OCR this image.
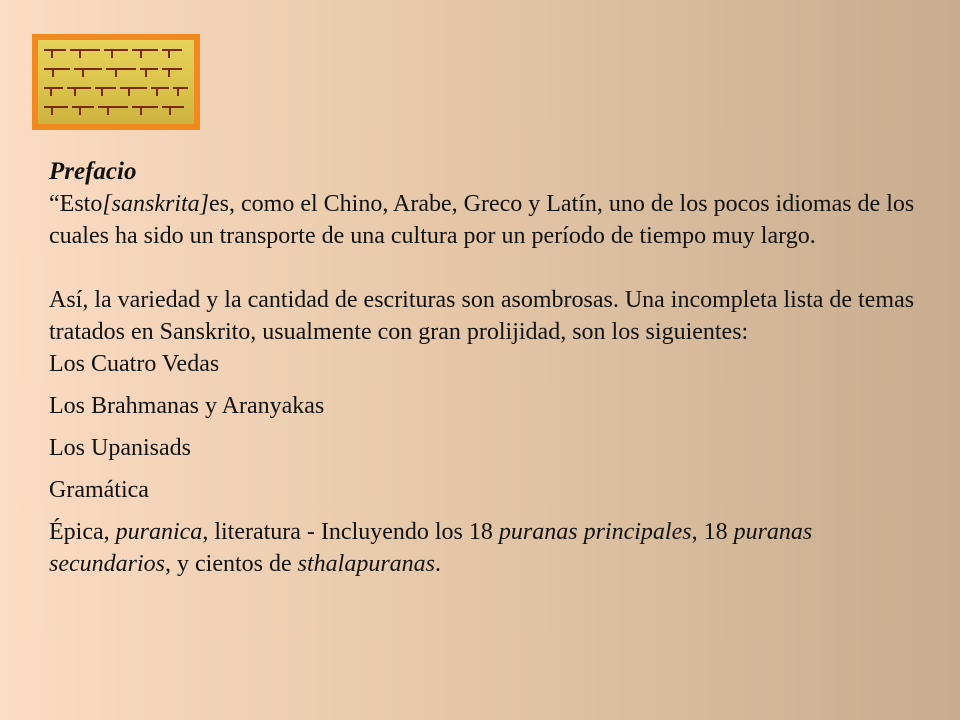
Prefacio

“Esto[sanskrita]es, como el Chino, Arabe, Greco y Latín, uno de los pocos idiomas de los cuales ha sido un transporte de una cultura por un período de tiempo muy largo.

Así, la variedad y la cantidad de escrituras son asombrosas. Una incompleta lista de temas tratados en Sanskrito, usualmente con gran prolijidad, son los siguientes:

Los Cuatro Vedas

Los Brahmanas y Aranyakas

Los Upanisads

Gramática

Épica, puranica, literatura - Incluyendo los 18 puranas principales, 18 puranas secundarios, y cientos de sthalapuranas.
